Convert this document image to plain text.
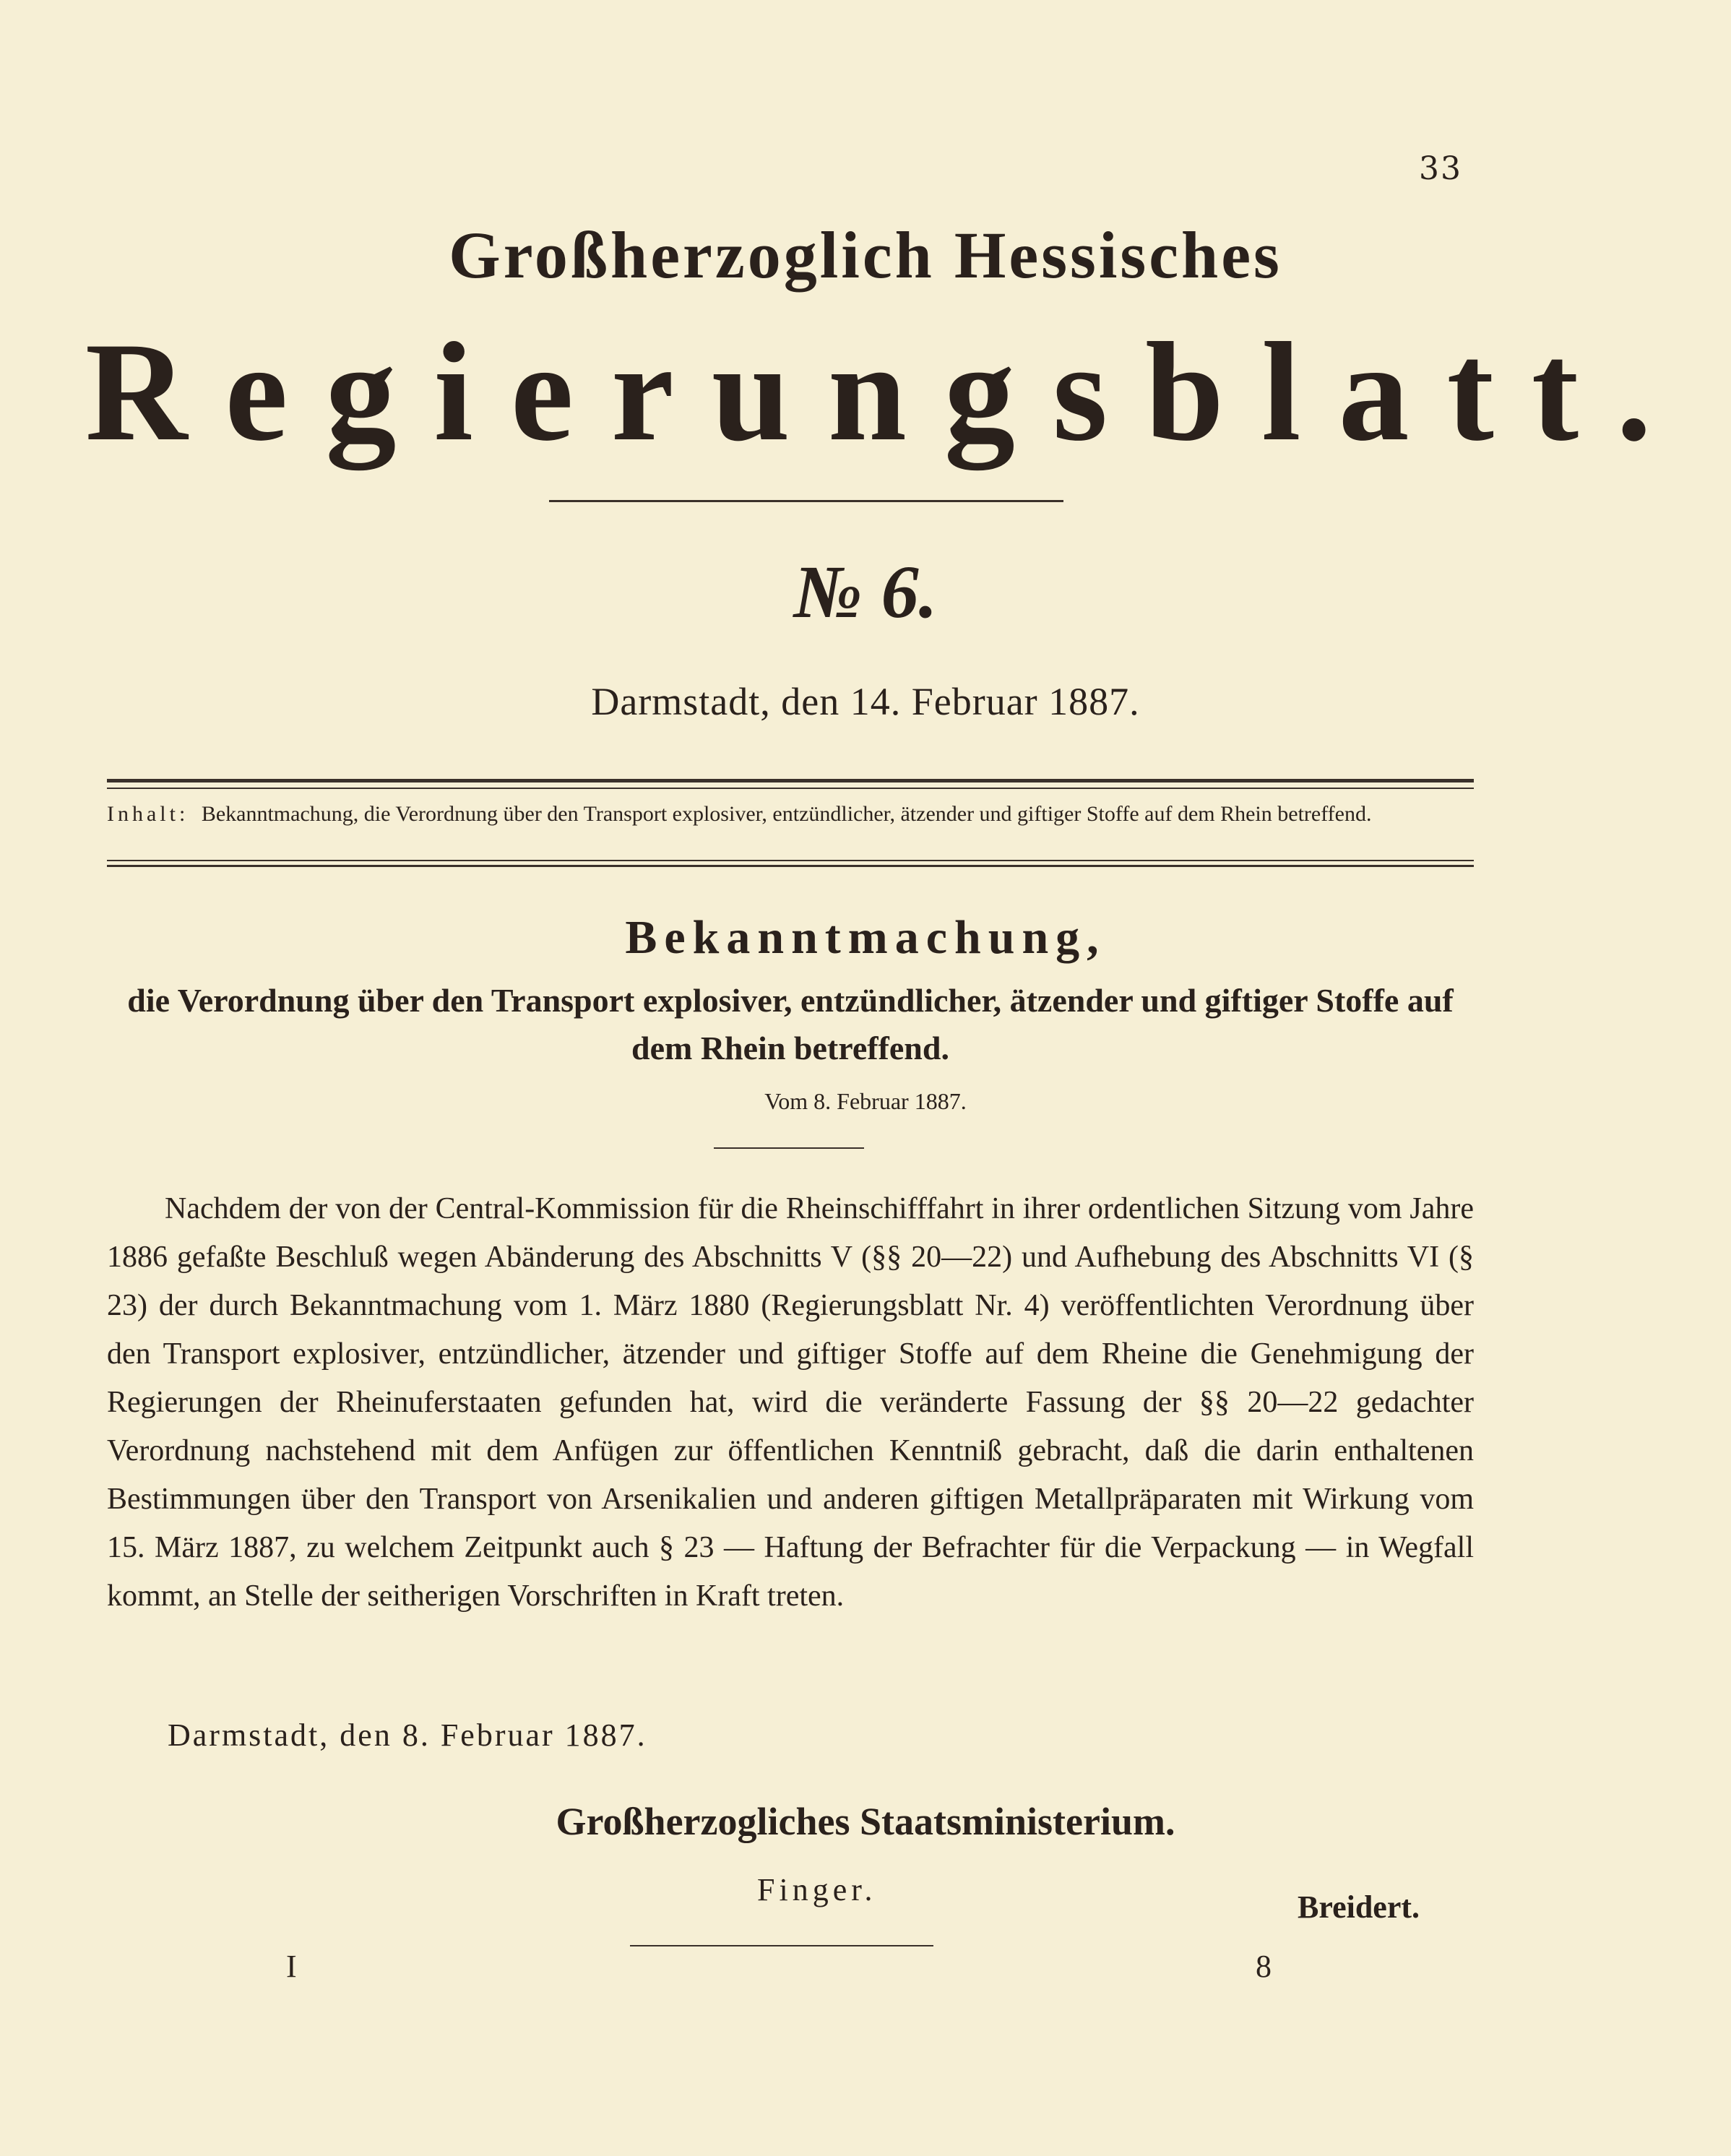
33
Großherzoglich Hessisches
Regierungsblatt.
№ 6.
Darmstadt, den 14. Februar 1887.
Inhalt: Bekanntmachung, die Verordnung über den Transport explosiver, entzündlicher, ätzender und giftiger Stoffe auf dem Rhein betreffend.
Bekanntmachung,
die Verordnung über den Transport explosiver, entzündlicher, ätzender und giftiger Stoffe auf dem Rhein betreffend.
Vom 8. Februar 1887.
Nachdem der von der Central-Kommission für die Rheinschifffahrt in ihrer ordentlichen Sitzung vom Jahre 1886 gefaßte Beschluß wegen Abänderung des Abschnitts V (§§ 20—22) und Aufhebung des Abschnitts VI (§ 23) der durch Bekanntmachung vom 1. März 1880 (Regierungsblatt Nr. 4) veröffentlichten Verordnung über den Transport explosiver, entzündlicher, ätzender und giftiger Stoffe auf dem Rheine die Genehmigung der Regierungen der Rheinuferstaaten gefunden hat, wird die veränderte Fassung der §§ 20—22 gedachter Verordnung nachstehend mit dem Anfügen zur öffentlichen Kenntniß gebracht, daß die darin enthaltenen Bestimmungen über den Transport von Arsenikalien und anderen giftigen Metallpräparaten mit Wirkung vom 15. März 1887, zu welchem Zeitpunkt auch § 23 — Haftung der Befrachter für die Verpackung — in Wegfall kommt, an Stelle der seitherigen Vorschriften in Kraft treten.
Darmstadt, den 8. Februar 1887.
Großherzogliches Staatsministerium.
Finger.	Breidert.
I	8
